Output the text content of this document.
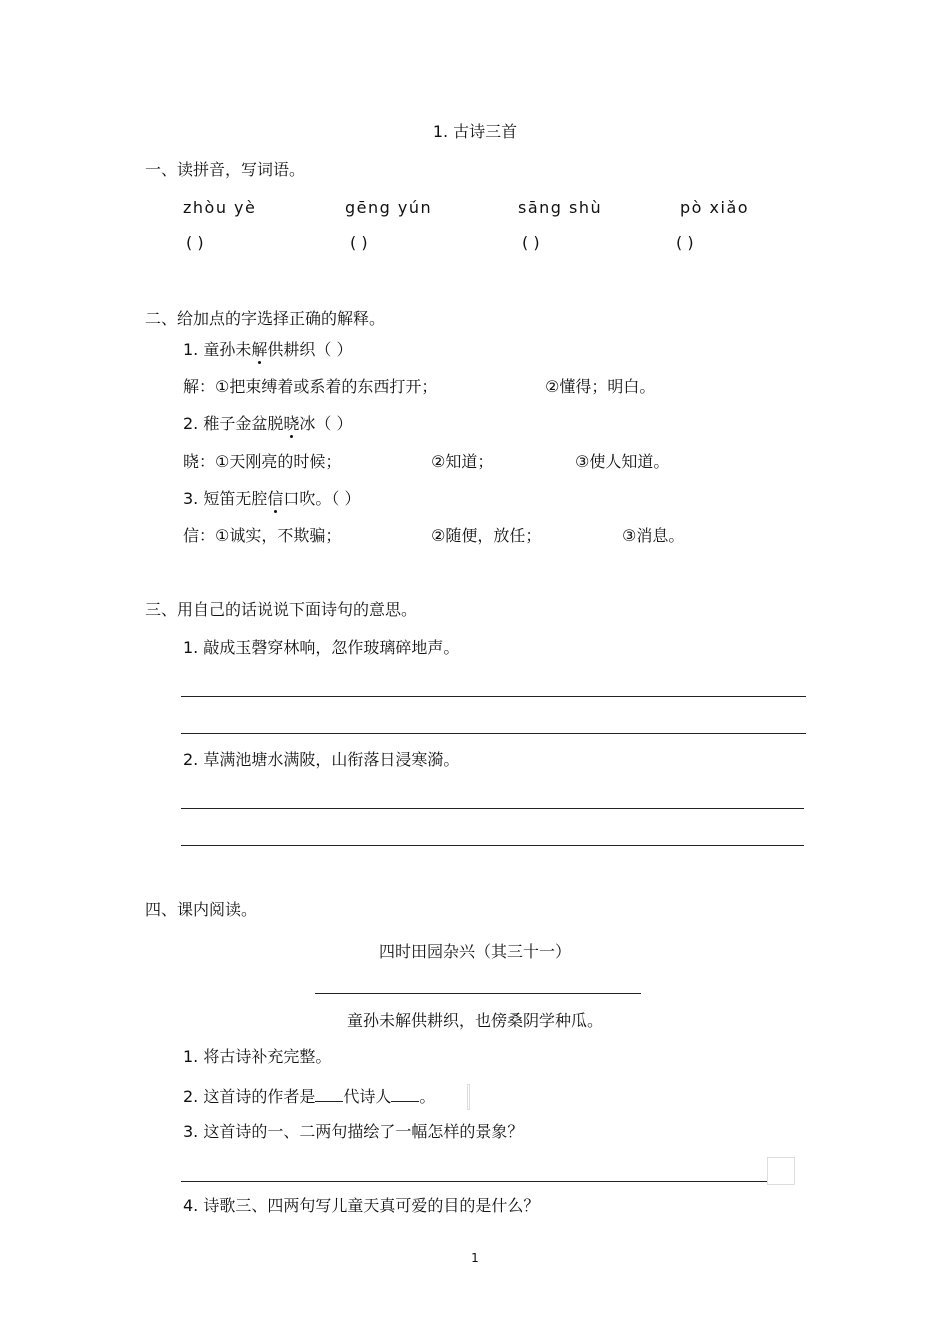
1. 古诗三首
一、读拼音，写词语。
zhòu yè	gēng yún	sāng shù	pò xiǎo
( )	( )	( )	( )
二、给加点的字选择正确的解释。
1. 童孙未解供耕织（ ）
解：①把束缚着或系着的东西打开；	②懂得；明白。
2. 稚子金盆脱晓冰（ ）
晓：①天刚亮的时候；	②知道；	③使人知道。
3. 短笛无腔信口吹。（ ）
信：①诚实，不欺骗；	②随便，放任；	③消息。
三、用自己的话说说下面诗句的意思。
1. 敲成玉磬穿林响，忽作玻璃碎地声。
2. 草满池塘水满陂，山衔落日浸寒漪。
四、课内阅读。
四时田园杂兴（其三十一）
童孙未解供耕织，也傍桑阴学种瓜。
1. 将古诗补充完整。
2. 这首诗的作者是 代诗人 。
3. 这首诗的一、二两句描绘了一幅怎样的景象？
4. 诗歌三、四两句写儿童天真可爱的目的是什么？
1
